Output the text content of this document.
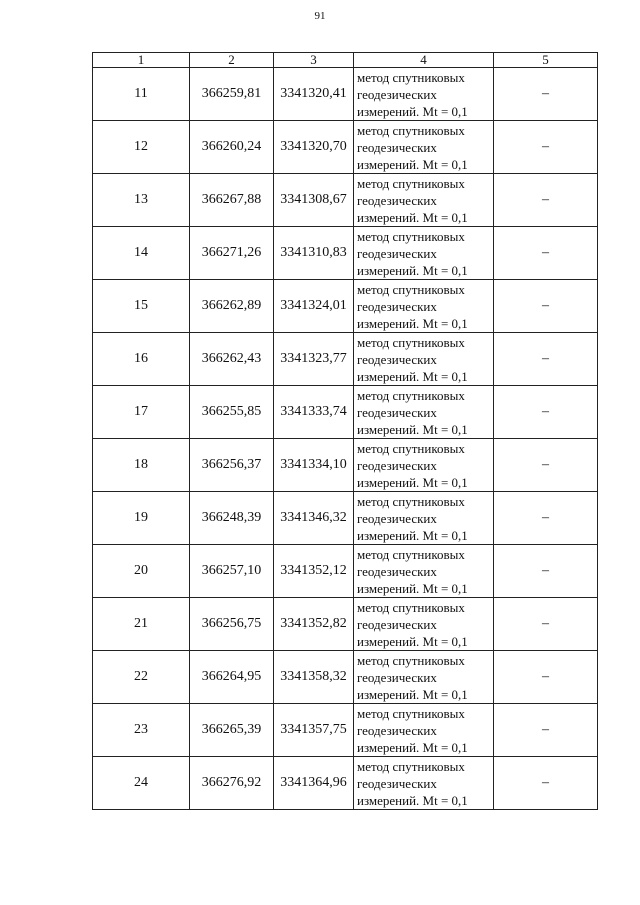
91
1	2	3	4	5
11	366259,81	3341320,41	метод спутниковых
геодезических
измерений. Mt = 0,1	–
12	366260,24	3341320,70	метод спутниковых
геодезических
измерений. Mt = 0,1	–
13	366267,88	3341308,67	метод спутниковых
геодезических
измерений. Mt = 0,1	–
14	366271,26	3341310,83	метод спутниковых
геодезических
измерений. Mt = 0,1	–
15	366262,89	3341324,01	метод спутниковых
геодезических
измерений. Mt = 0,1	–
16	366262,43	3341323,77	метод спутниковых
геодезических
измерений. Mt = 0,1	–
17	366255,85	3341333,74	метод спутниковых
геодезических
измерений. Mt = 0,1	–
18	366256,37	3341334,10	метод спутниковых
геодезических
измерений. Mt = 0,1	–
19	366248,39	3341346,32	метод спутниковых
геодезических
измерений. Mt = 0,1	–
20	366257,10	3341352,12	метод спутниковых
геодезических
измерений. Mt = 0,1	–
21	366256,75	3341352,82	метод спутниковых
геодезических
измерений. Mt = 0,1	–
22	366264,95	3341358,32	метод спутниковых
геодезических
измерений. Mt = 0,1	–
23	366265,39	3341357,75	метод спутниковых
геодезических
измерений. Mt = 0,1	–
24	366276,92	3341364,96	метод спутниковых
геодезических
измерений. Mt = 0,1	–
